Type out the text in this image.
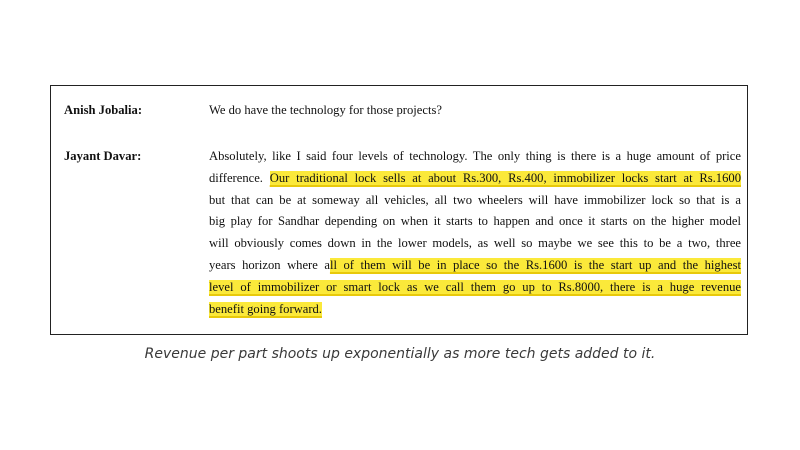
Anish Jobalia:	We do have the technology for those projects?
Jayant Davar:	Absolutely, like I said four levels of technology. The only thing is there is a huge amount of price
difference. Our traditional lock sells at about Rs.300, Rs.400, immobilizer locks start at Rs.1600
but that can be at someway all vehicles, all two wheelers will have immobilizer lock so that is a
big play for Sandhar depending on when it starts to happen and once it starts on the higher model
will obviously comes down in the lower models, as well so maybe we see this to be a two, three
years horizon where all of them will be in place so the Rs.1600 is the start up and the highest
level of immobilizer or smart lock as we call them go up to Rs.8000, there is a huge revenue
benefit going forward.
Revenue per part shoots up exponentially as more tech gets added to it.
